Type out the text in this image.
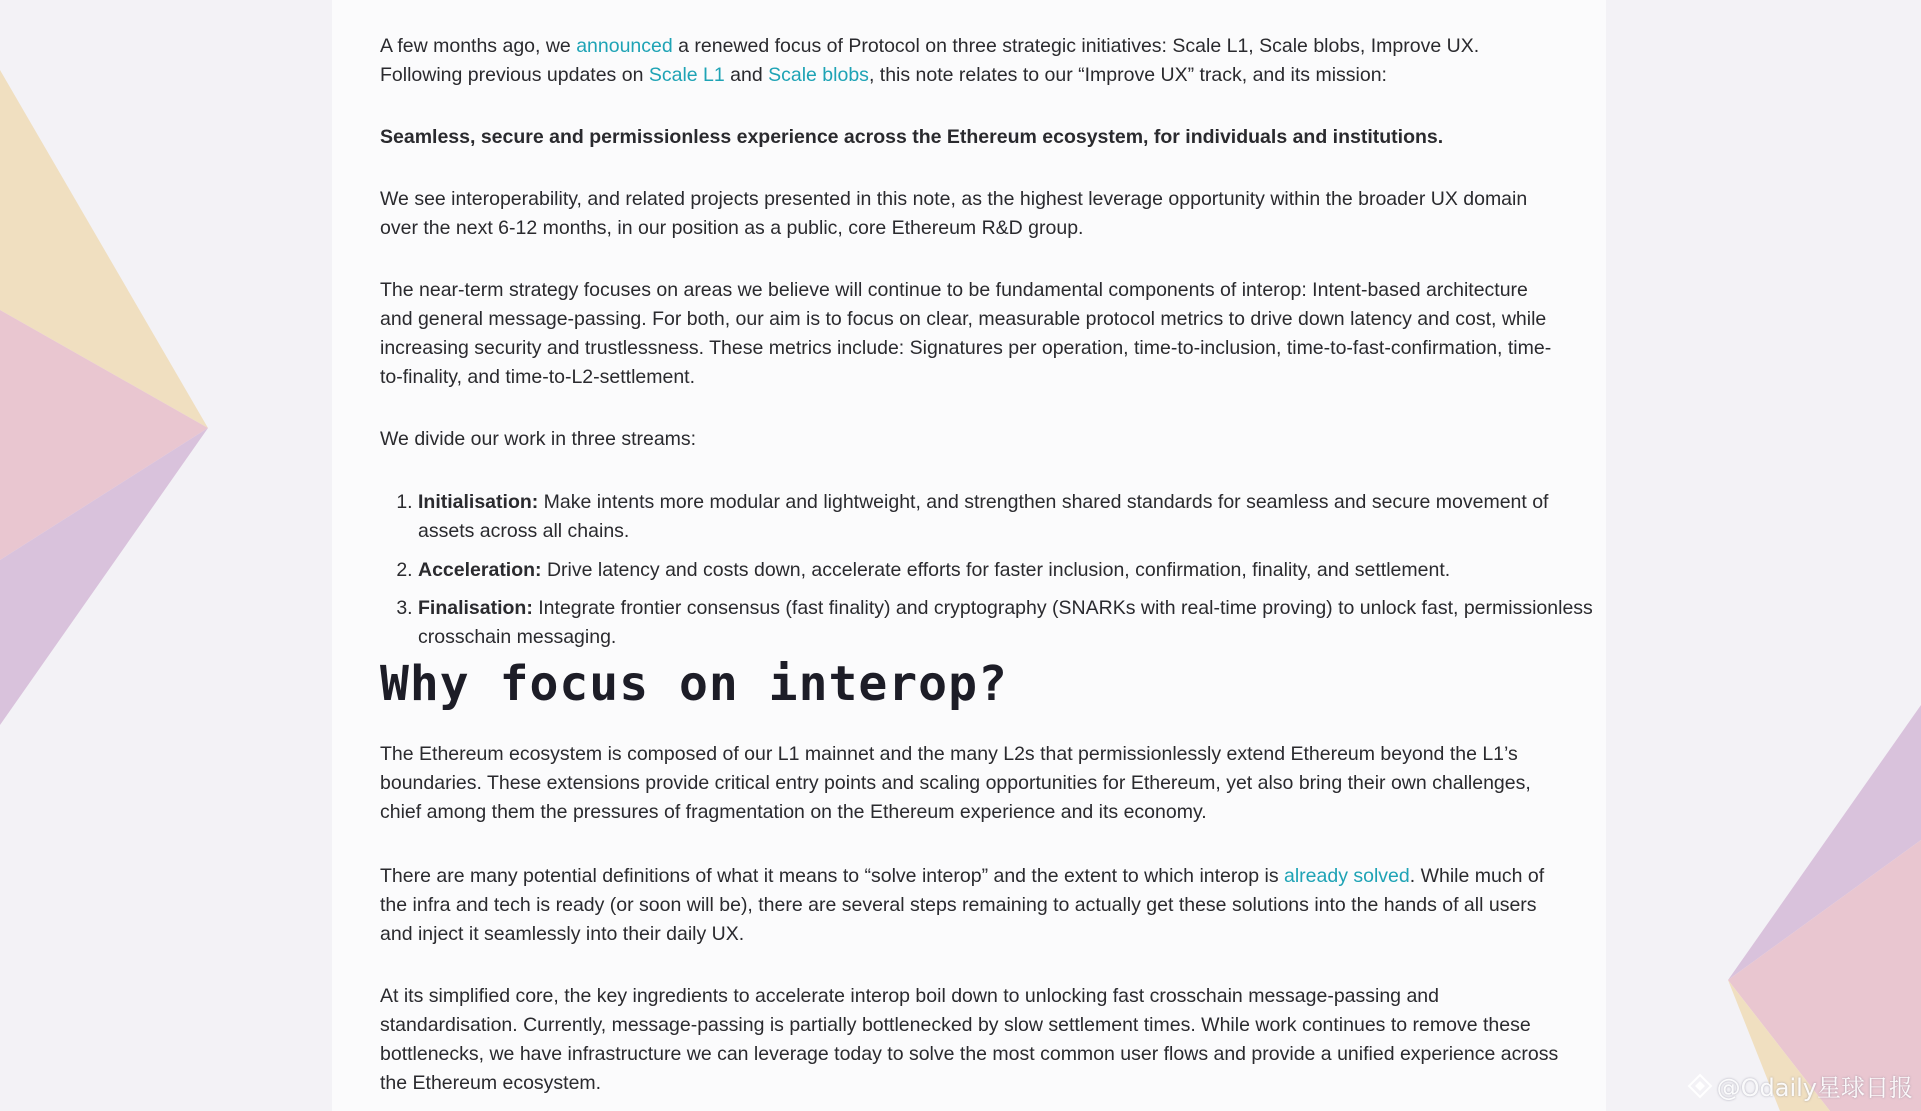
A few months ago, we announced a renewed focus of Protocol on three strategic initiatives: Scale L1, Scale blobs, Improve UX. Following previous updates on Scale L1 and Scale blobs, this note relates to our “Improve UX” track, and its mission:

Seamless, secure and permissionless experience across the Ethereum ecosystem, for individuals and institutions.

We see interoperability, and related projects presented in this note, as the highest leverage opportunity within the broader UX domain over the next 6-12 months, in our position as a public, core Ethereum R&D group.

The near-term strategy focuses on areas we believe will continue to be fundamental components of interop: Intent-based architecture and general message-passing. For both, our aim is to focus on clear, measurable protocol metrics to drive down latency and cost, while increasing security and trustlessness. These metrics include: Signatures per operation, time-to-inclusion, time-to-fast-confirmation, time-to-finality, and time-to-L2-settlement.

We divide our work in three streams:

1. Initialisation: Make intents more modular and lightweight, and strengthen shared standards for seamless and secure movement of assets across all chains.
2. Acceleration: Drive latency and costs down, accelerate efforts for faster inclusion, confirmation, finality, and settlement.
3. Finalisation: Integrate frontier consensus (fast finality) and cryptography (SNARKs with real-time proving) to unlock fast, permissionless crosschain messaging.
Why focus on interop?

The Ethereum ecosystem is composed of our L1 mainnet and the many L2s that permissionlessly extend Ethereum beyond the L1’s boundaries. These extensions provide critical entry points and scaling opportunities for Ethereum, yet also bring their own challenges, chief among them the pressures of fragmentation on the Ethereum experience and its economy.

There are many potential definitions of what it means to “solve interop” and the extent to which interop is already solved. While much of the infra and tech is ready (or soon will be), there are several steps remaining to actually get these solutions into the hands of all users and inject it seamlessly into their daily UX.

At its simplified core, the key ingredients to accelerate interop boil down to unlocking fast crosschain message-passing and standardisation. Currently, message-passing is partially bottlenecked by slow settlement times. While work continues to remove these bottlenecks, we have infrastructure we can leverage today to solve the most common user flows and provide a unified experience across the Ethereum ecosystem.	@Odaily星球日报
